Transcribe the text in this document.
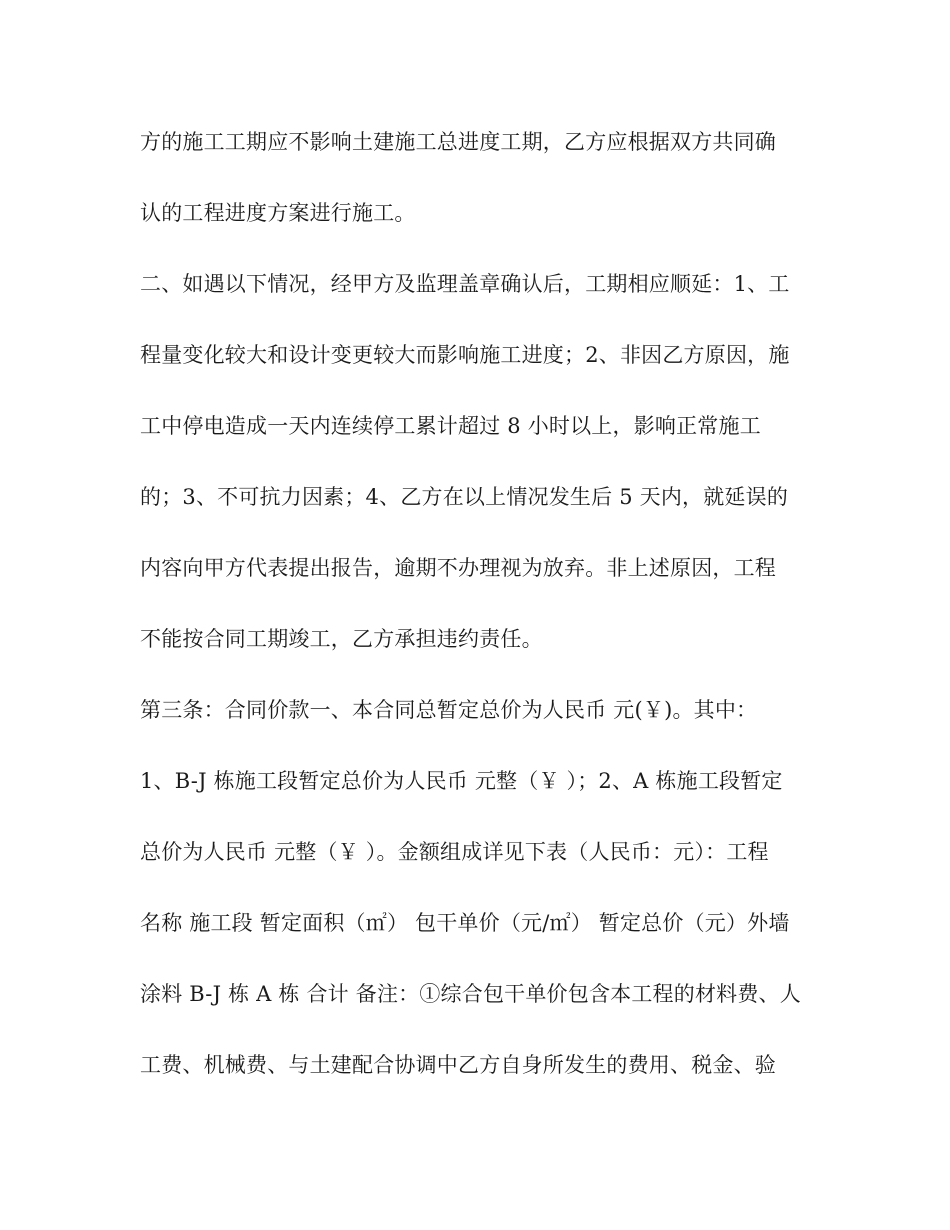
方的施工工期应不影响土建施工总进度工期，乙方应根据双方共同确
认的工程进度方案进行施工。
二、如遇以下情况，经甲方及监理盖章确认后，工期相应顺延：1、工
程量变化较大和设计变更较大而影响施工进度；2、非因乙方原因，施
工中停电造成一天内连续停工累计超过 8 小时以上，影响正常施工
的；3、不可抗力因素；4、乙方在以上情况发生后 5 天内，就延误的
内容向甲方代表提出报告，逾期不办理视为放弃。非上述原因，工程
不能按合同工期竣工，乙方承担违约责任。
第三条：合同价款一、本合同总暂定总价为人民币 元(￥)。其中：
1、B-J 栋施工段暂定总价为人民币 元整（￥ ）；2、A 栋施工段暂定
总价为人民币 元整（￥ ）。金额组成详见下表（人民币：元）：工程
名称 施工段 暂定面积（㎡） 包干单价（元/㎡） 暂定总价（元）外墙
涂料 B-J 栋 A 栋 合计 备注：①综合包干单价包含本工程的材料费、人
工费、机械费、与土建配合协调中乙方自身所发生的费用、税金、验
